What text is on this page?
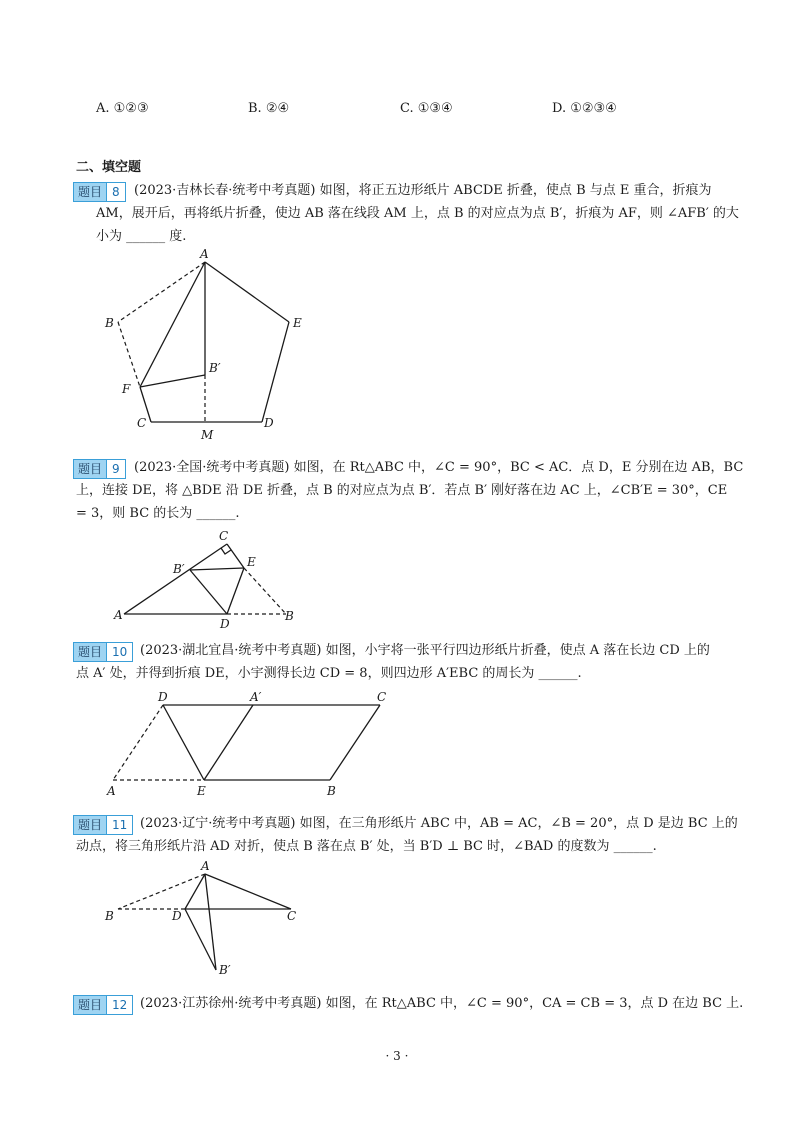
A. ①②③	B. ②④	C. ①③④	D. ①②③④
二、填空题
题目 8	(2023·吉林长春·统考中考真题) 如图，将正五边形纸片 ABCDE 折叠，使点 B 与点 E 重合，折痕为
AM，展开后，再将纸片折叠，使边 AB 落在线段 AM 上，点 B 的对应点为点 B′，折痕为 AF，则 ∠AFB′ 的大
小为 ______ 度.
A
B	E
B′
F
C	D
M
题目 9	(2023·全国·统考中考真题) 如图，在 Rt△ABC 中，∠C = 90°，BC < AC．点 D，E 分别在边 AB，BC
上，连接 DE，将 △BDE 沿 DE 折叠，点 B 的对应点为点 B′．若点 B′ 刚好落在边 AC 上，∠CB′E = 30°，CE
= 3，则 BC 的长为 ______.
C
B′	E
A
D
B
题目 10 (2023·湖北宜昌·统考中考真题) 如图，小宇将一张平行四边形纸片折叠，使点 A 落在长边 CD 上的
点 A′ 处，并得到折痕 DE，小宇测得长边 CD = 8，则四边形 A′EBC 的周长为 ______.
D	A′	C
A	E	B
题目 11 (2023·辽宁·统考中考真题) 如图，在三角形纸片 ABC 中，AB = AC，∠B = 20°，点 D 是边 BC 上的
动点，将三角形纸片沿 AD 对折，使点 B 落在点 B′ 处，当 B′D ⊥ BC 时，∠BAD 的度数为 ______.
A
B	D	C
B′
题目 12 (2023·江苏徐州·统考中考真题) 如图，在 Rt△ABC 中，∠C = 90°，CA = CB = 3，点 D 在边 BC 上.
· 3 ·
